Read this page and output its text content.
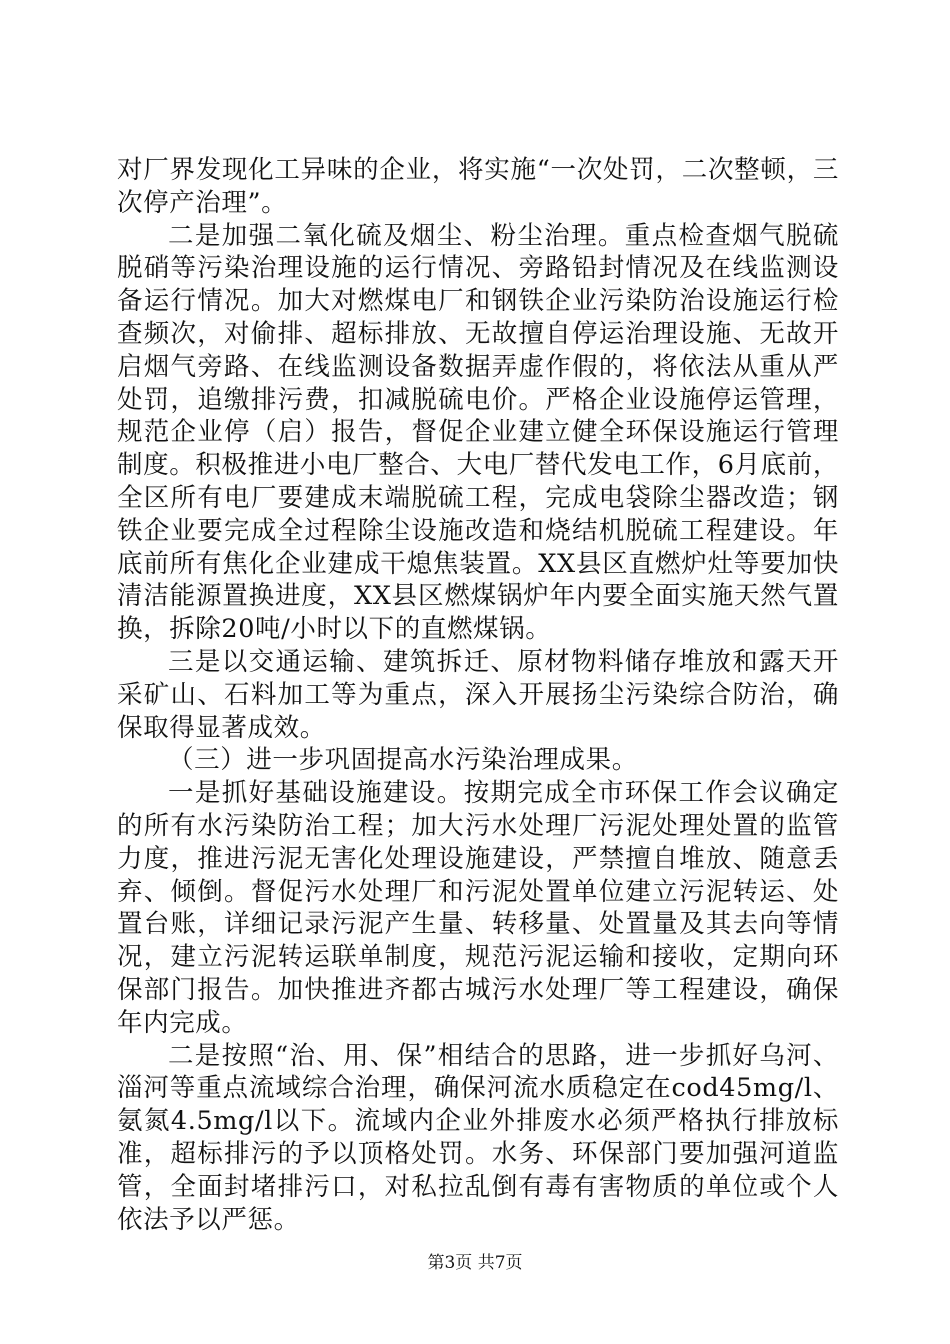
对厂界发现化工异味的企业，将实施“一次处罚，二次整顿，三次停产治理”。

二是加强二氧化硫及烟尘、粉尘治理。重点检查烟气脱硫脱硝等污染治理设施的运行情况、旁路铅封情况及在线监测设备运行情况。加大对燃煤电厂和钢铁企业污染防治设施运行检查频次，对偷排、超标排放、无故擅自停运治理设施、无故开启烟气旁路、在线监测设备数据弄虚作假的，将依法从重从严处罚，追缴排污费，扣减脱硫电价。严格企业设施停运管理，规范企业停（启）报告，督促企业建立健全环保设施运行管理制度。积极推进小电厂整合、大电厂替代发电工作，6月底前，全区所有电厂要建成末端脱硫工程，完成电袋除尘器改造；钢铁企业要完成全过程除尘设施改造和烧结机脱硫工程建设。年底前所有焦化企业建成干熄焦装置。XX县区直燃炉灶等要加快清洁能源置换进度，XX县区燃煤锅炉年内要全面实施天然气置换，拆除20吨/小时以下的直燃煤锅。

三是以交通运输、建筑拆迁、原材物料储存堆放和露天开采矿山、石料加工等为重点，深入开展扬尘污染综合防治，确保取得显著成效。

（三）进一步巩固提高水污染治理成果。

一是抓好基础设施建设。按期完成全市环保工作会议确定的所有水污染防治工程；加大污水处理厂污泥处理处置的监管力度，推进污泥无害化处理设施建设，严禁擅自堆放、随意丢弃、倾倒。督促污水处理厂和污泥处置单位建立污泥转运、处置台账，详细记录污泥产生量、转移量、处置量及其去向等情况，建立污泥转运联单制度，规范污泥运输和接收，定期向环保部门报告。加快推进齐都古城污水处理厂等工程建设，确保年内完成。

二是按照“治、用、保”相结合的思路，进一步抓好乌河、淄河等重点流域综合治理，确保河流水质稳定在cod45mg/l、氨氮4.5mg/l以下。流域内企业外排废水必须严格执行排放标准，超标排污的予以顶格处罚。水务、环保部门要加强河道监管，全面封堵排污口，对私拉乱倒有毒有害物质的单位或个人依法予以严惩。

第3页 共7页
